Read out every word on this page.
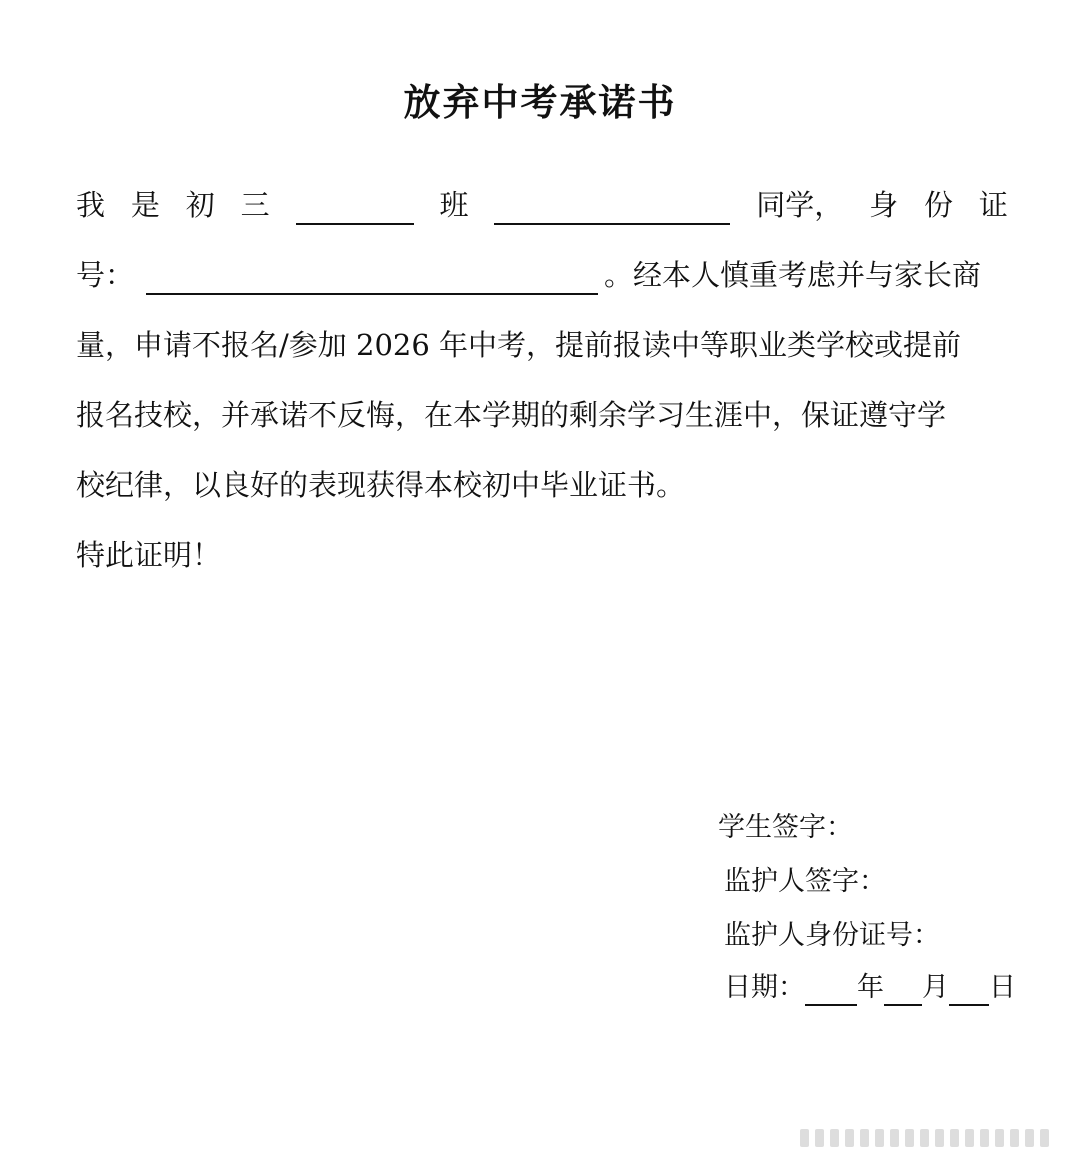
放弃中考承诺书
我 是 初 三	班	同学， 身 份 证
号：	。经本人慎重考虑并与家长商
量，申请不报名/参加 2026 年中考，提前报读中等职业类学校或提前
报名技校，并承诺不反悔，在本学期的剩余学习生涯中，保证遵守学
校纪律，以良好的表现获得本校初中毕业证书。
特此证明！
学生签字：
监护人签字：
监护人身份证号：
日期： 年 月 日
